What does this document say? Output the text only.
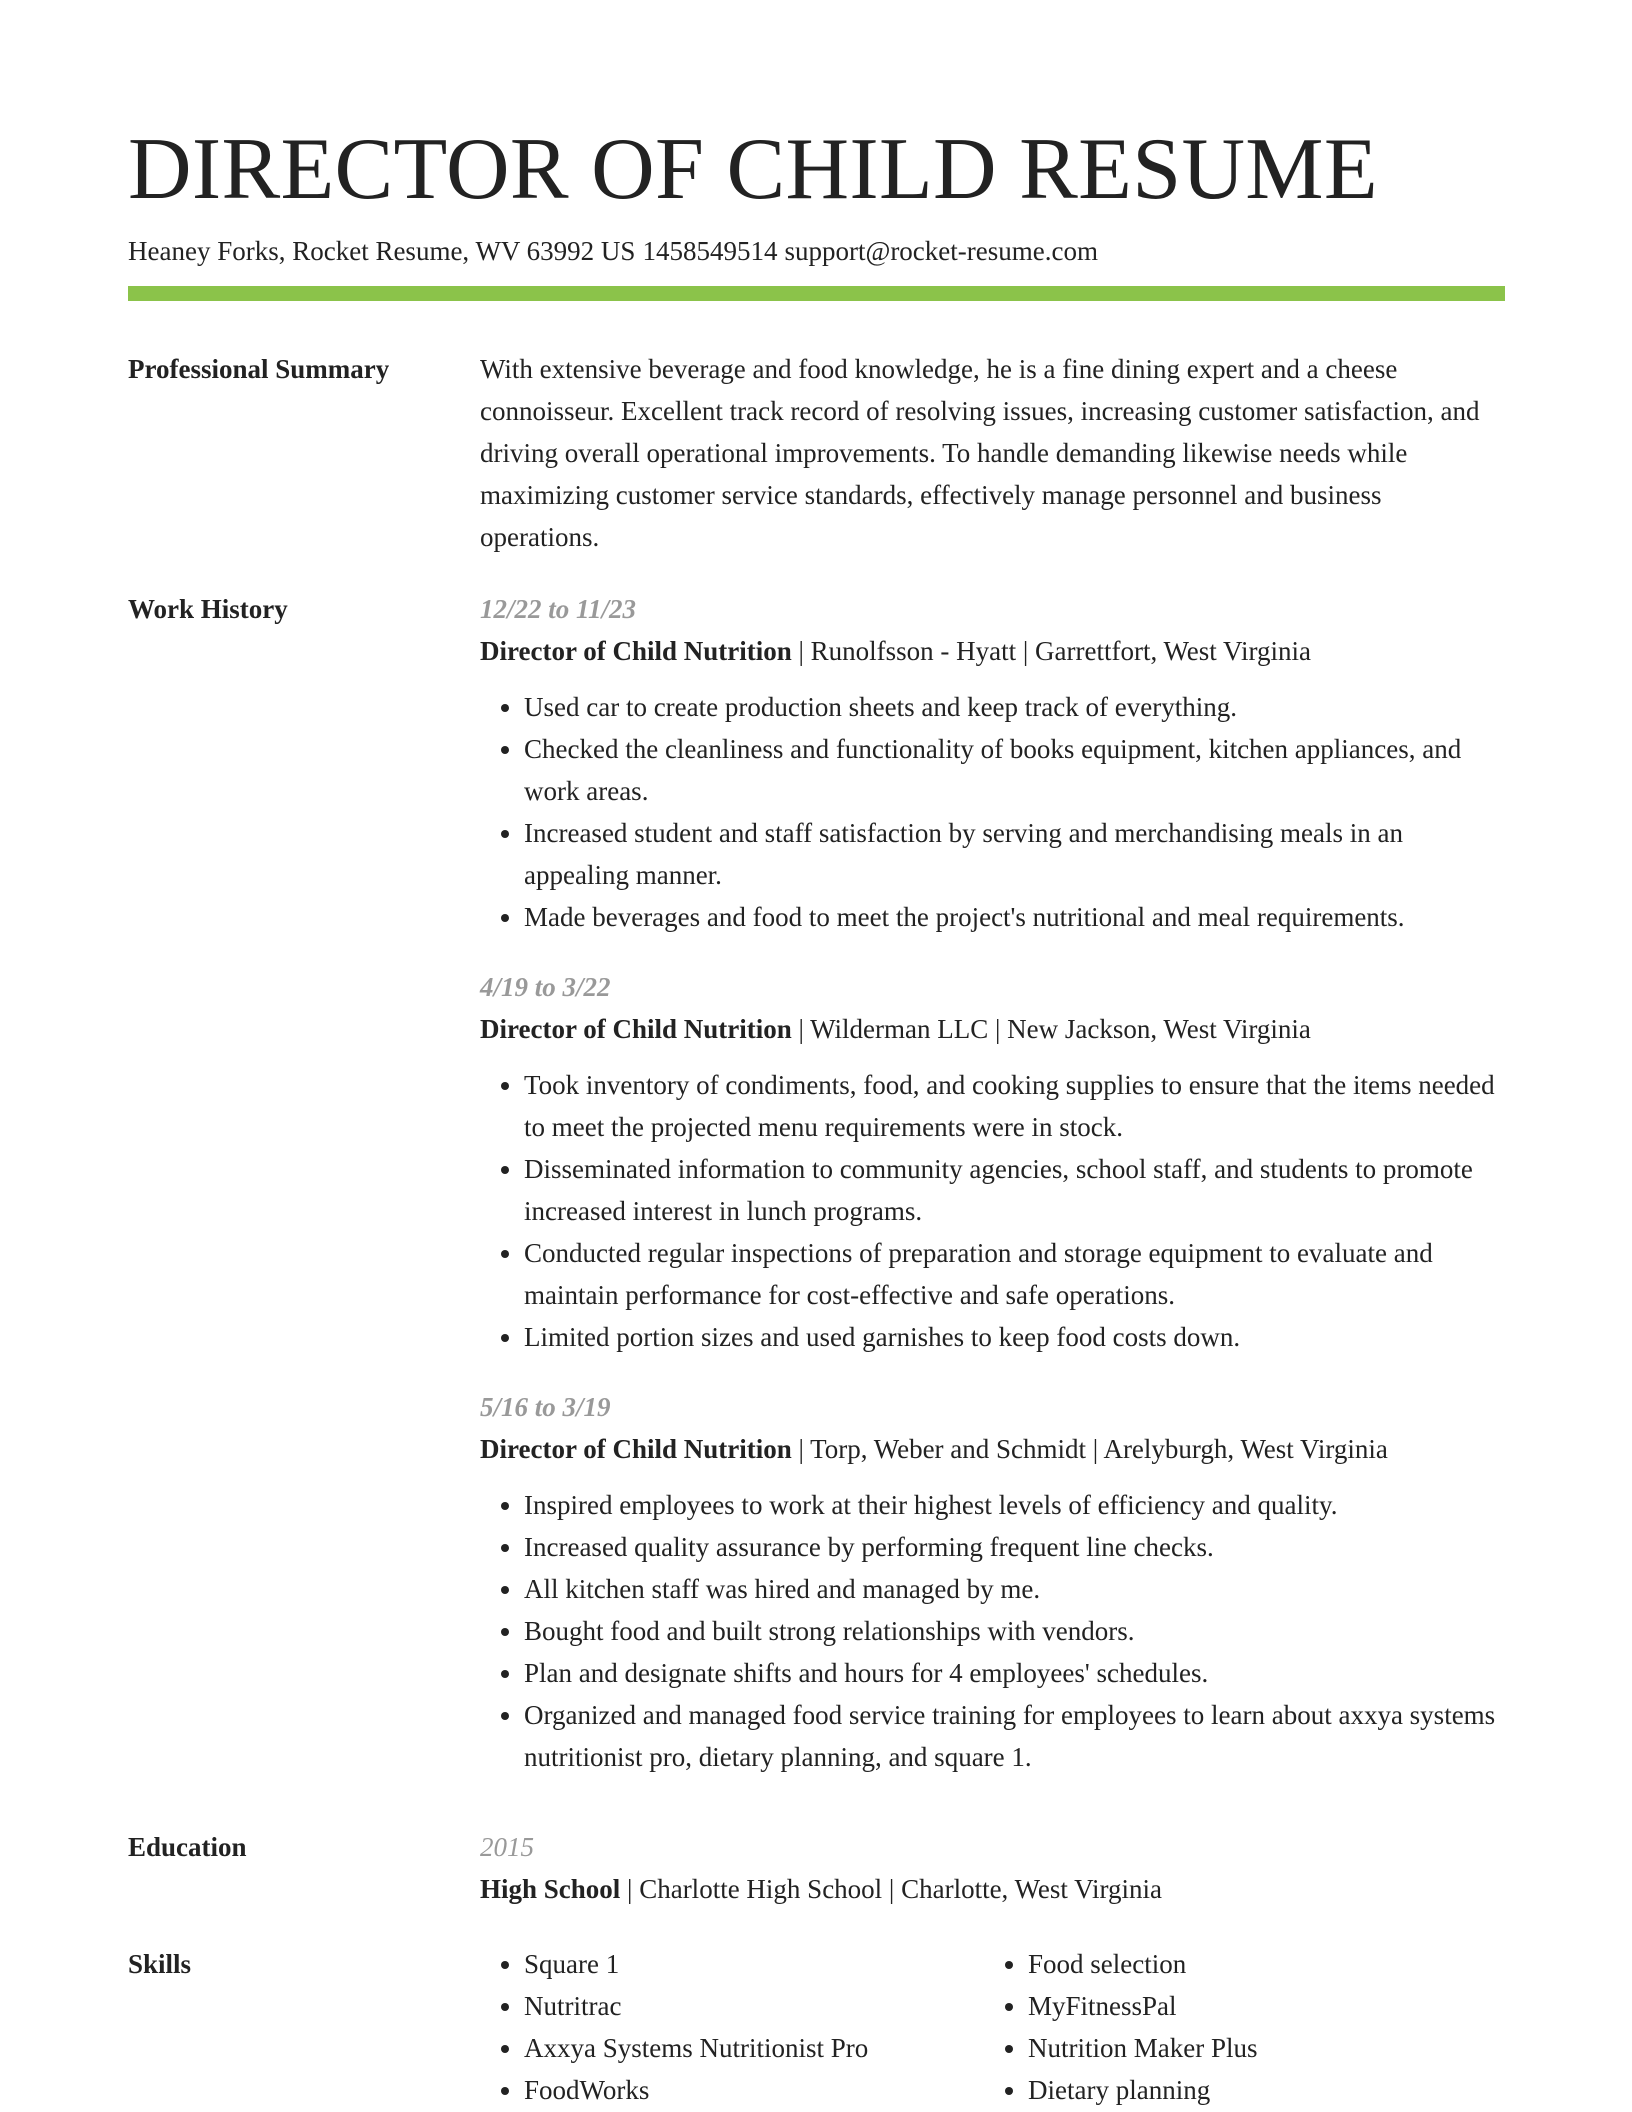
DIRECTOR OF CHILD RESUME
Heaney Forks, Rocket Resume, WV 63992 US 1458549514 support@rocket-resume.com
Professional Summary	With extensive beverage and food knowledge, he is a fine dining expert and a cheese connoisseur. Excellent track record of resolving issues, increasing customer satisfaction, and driving overall operational improvements. To handle demanding likewise needs while maximizing customer service standards, effectively manage personnel and business operations.

Work History	12/22 to 11/23
Director of Child Nutrition | Runolfsson - Hyatt | Garrettfort, West Virginia
• Used car to create production sheets and keep track of everything.
• Checked the cleanliness and functionality of books equipment, kitchen appliances, and work areas.
• Increased student and staff satisfaction by serving and merchandising meals in an appealing manner.
• Made beverages and food to meet the project's nutritional and meal requirements.
4/19 to 3/22
Director of Child Nutrition | Wilderman LLC | New Jackson, West Virginia
• Took inventory of condiments, food, and cooking supplies to ensure that the items needed to meet the projected menu requirements were in stock.
• Disseminated information to community agencies, school staff, and students to promote increased interest in lunch programs.
• Conducted regular inspections of preparation and storage equipment to evaluate and maintain performance for cost-effective and safe operations.
• Limited portion sizes and used garnishes to keep food costs down.
5/16 to 3/19
Director of Child Nutrition | Torp, Weber and Schmidt | Arelyburgh, West Virginia
• Inspired employees to work at their highest levels of efficiency and quality.
• Increased quality assurance by performing frequent line checks.
• All kitchen staff was hired and managed by me.
• Bought food and built strong relationships with vendors.
• Plan and designate shifts and hours for 4 employees' schedules.
• Organized and managed food service training for employees to learn about axxya systems nutritionist pro, dietary planning, and square 1.
Education	2015
High School | Charlotte High School | Charlotte, West Virginia
Skills
•	Square 1
• Nutritrac
• Axxya Systems Nutritionist Pro
• FoodWorks
• Food selection
• MyFitnessPal
• Nutrition Maker Plus
• Dietary planning
